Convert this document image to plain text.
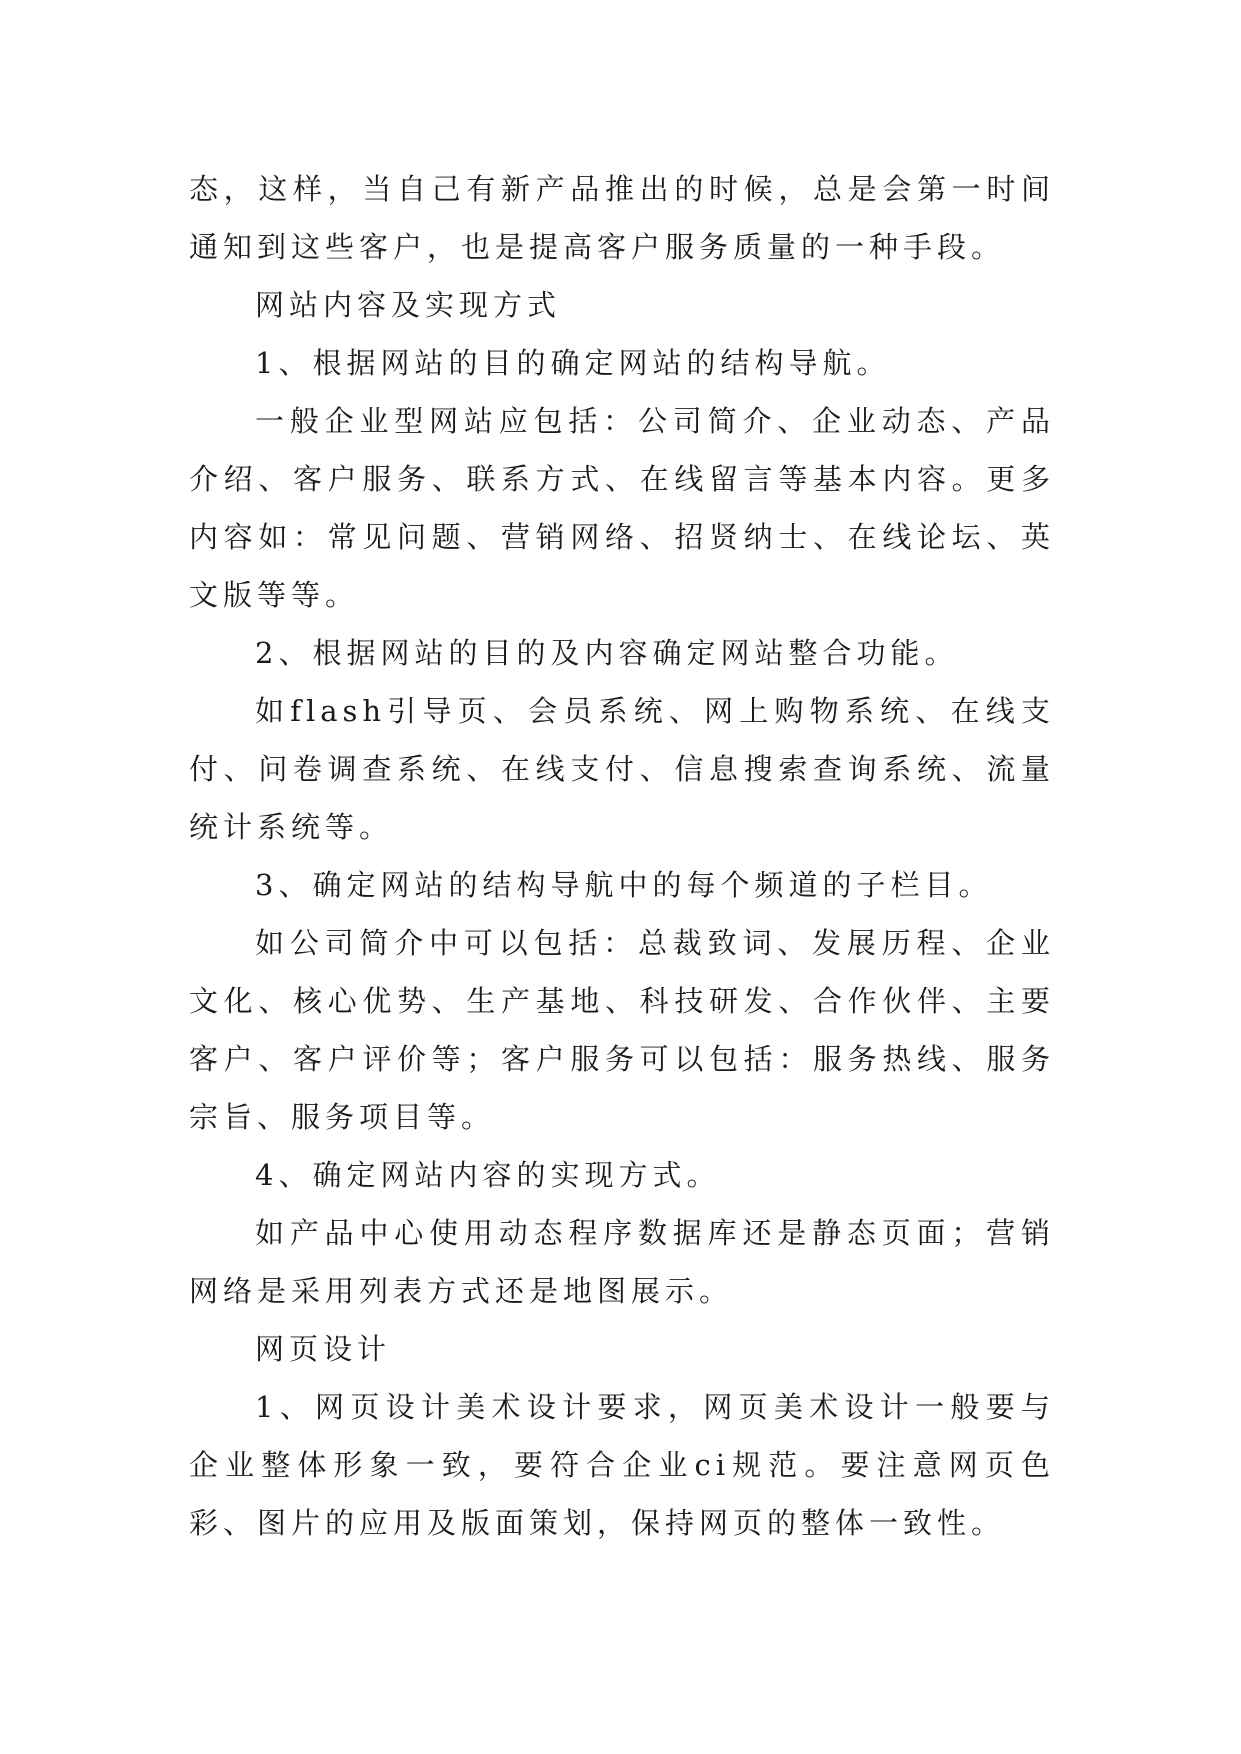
态，这样，当自己有新产品推出的时候，总是会第一时间通知到这些客户，也是提高客户服务质量的一种手段。

网站内容及实现方式

1、根据网站的目的确定网站的结构导航。

一般企业型网站应包括：公司简介、企业动态、产品介绍、客户服务、联系方式、在线留言等基本内容。更多内容如：常见问题、营销网络、招贤纳士、在线论坛、英文版等等。

2、根据网站的目的及内容确定网站整合功能。

如flash引导页、会员系统、网上购物系统、在线支付、问卷调查系统、在线支付、信息搜索查询系统、流量统计系统等。

3、确定网站的结构导航中的每个频道的子栏目。

如公司简介中可以包括：总裁致词、发展历程、企业文化、核心优势、生产基地、科技研发、合作伙伴、主要客户、客户评价等；客户服务可以包括：服务热线、服务宗旨、服务项目等。

4、确定网站内容的实现方式。

如产品中心使用动态程序数据库还是静态页面；营销网络是采用列表方式还是地图展示。

网页设计

1、网页设计美术设计要求，网页美术设计一般要与企业整体形象一致，要符合企业ci规范。要注意网页色彩、图片的应用及版面策划，保持网页的整体一致性。
